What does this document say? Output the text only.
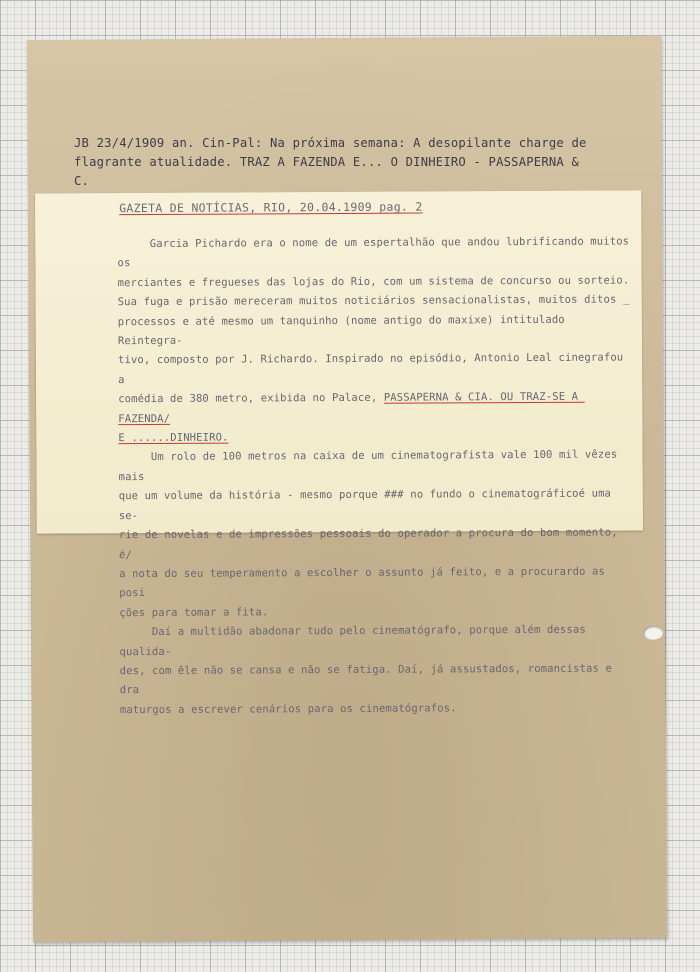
JB 23/4/1909 an. Cin-Pal: Na próxima semana: A desopilante charge de

flagrante atualidade. TRAZ A FAZENDA E... O DINHEIRO - PASSAPERNA &

C.

GAZETA DE NOTÍCIAS, RIO, 20.04.1909 pag. 2

Garcia Pichardo era o nome de um espertalhão que andou lubrificando muitos os

merciantes e fregueses das lojas do Rio, com um sistema de concurso ou sorteio.

Sua fuga e prisão mereceram muitos noticiários sensacionalistas, muitos ditos _

processos e até mesmo um tanquinho (nome antigo do maxixe) intitulado Reintegra-

tivo, composto por J. Richardo. Inspirado no episódio, Antonio Leal cinegrafou a

comédia de 380 metro, exibida no Palace, PASSAPERNA & CIA. OU TRAZ-SE A FAZENDA/

E ......DINHEIRO.

Um rolo de 100 metros na caixa de um cinematografista vale 100 mil vêzes mais

que um volume da história - mesmo porque ### no fundo o cinematográficoé uma se-

rie de novelas e de impressões pessoais do operador a procura do bom momento, é/

a nota do seu temperamento a escolher o assunto já feito, e a procurardo as posi

ções para tomar a fita.

Daí a multidão abadonar tudo pelo cinematógrafo, porque além dessas qualida-

des, com êle não se cansa e não se fatiga. Daí, já assustados, romancistas e dra

maturgos a escrever cenários para os cinematógrafos.
